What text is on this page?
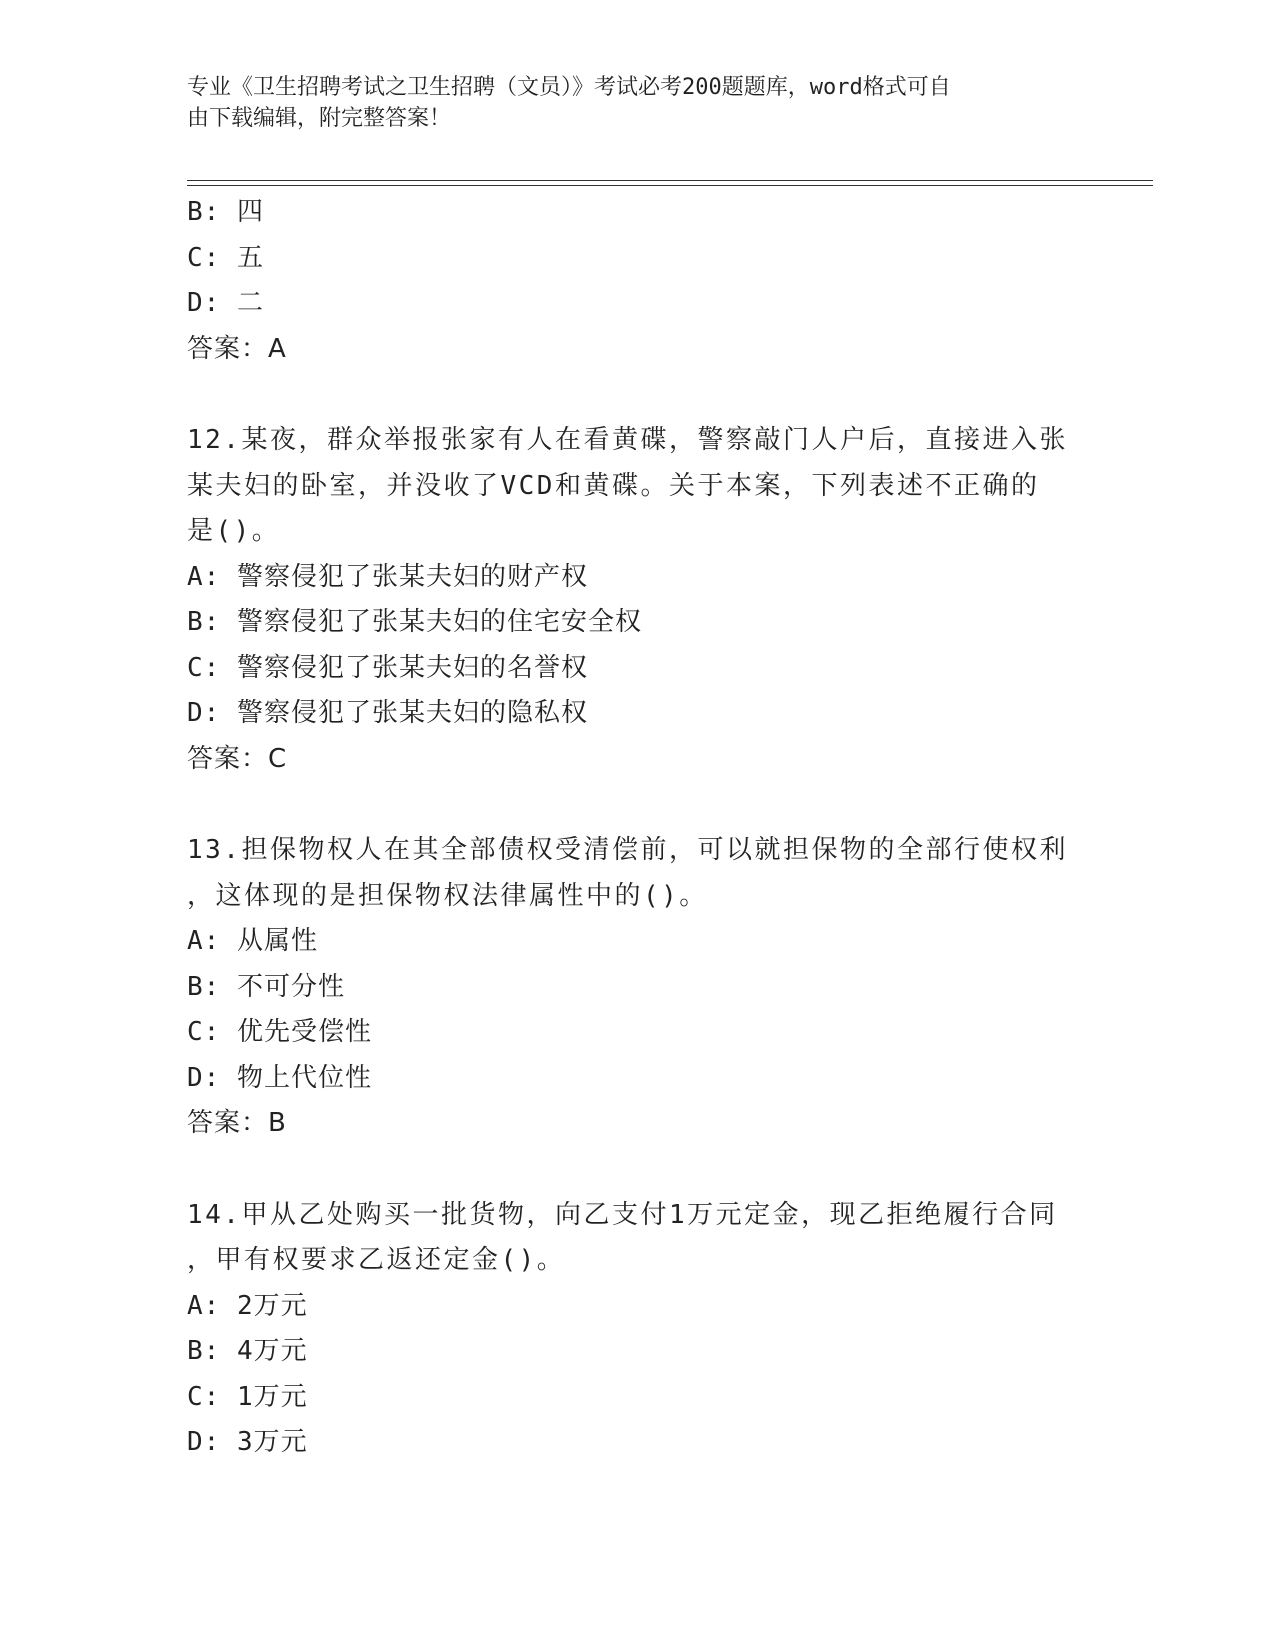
专业《卫生招聘考试之卫生招聘（文员）》考试必考200题题库，word格式可自
由下载编辑，附完整答案！
B: 四
C: 五
D: 二
答案：A
12.某夜，群众举报张家有人在看黄碟，警察敲门人户后，直接进入张
某夫妇的卧室，并没收了VCD和黄碟。关于本案，下列表述不正确的
是()。
A: 警察侵犯了张某夫妇的财产权
B: 警察侵犯了张某夫妇的住宅安全权
C: 警察侵犯了张某夫妇的名誉权
D: 警察侵犯了张某夫妇的隐私权
答案：C
13.担保物权人在其全部债权受清偿前，可以就担保物的全部行使权利
，这体现的是担保物权法律属性中的()。
A: 从属性
B: 不可分性
C: 优先受偿性
D: 物上代位性
答案：B
14.甲从乙处购买一批货物，向乙支付1万元定金，现乙拒绝履行合同
，甲有权要求乙返还定金()。
A: 2万元
B: 4万元
C: 1万元
D: 3万元
